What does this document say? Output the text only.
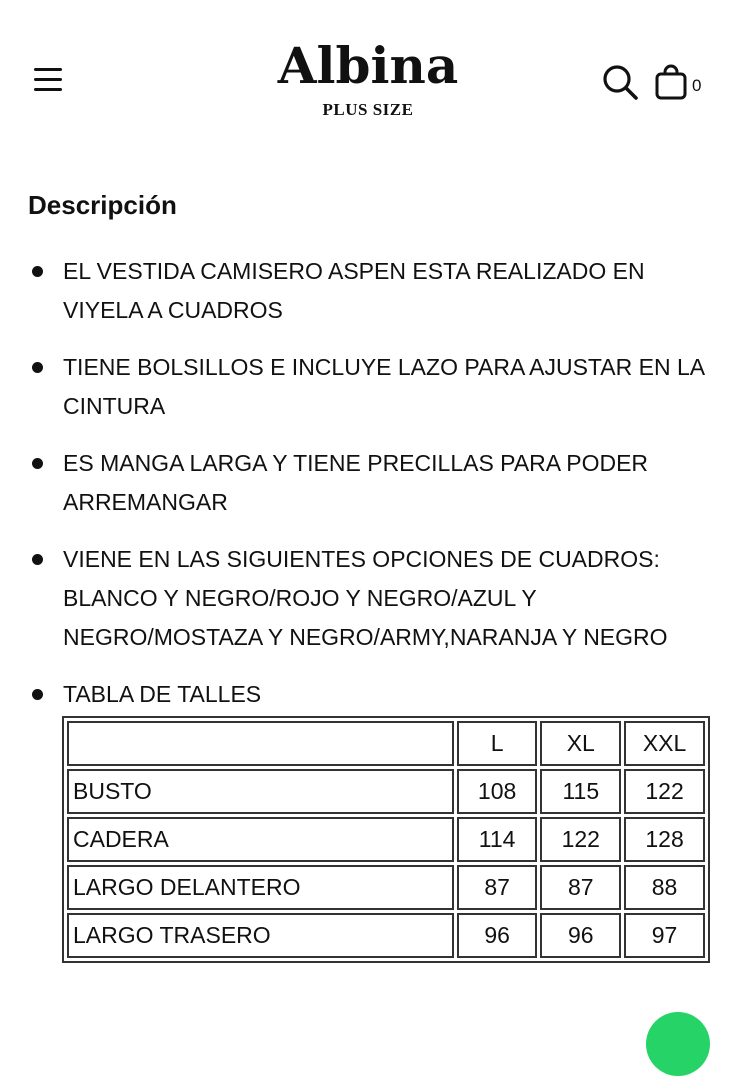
Albina
PLUS SIZE
0
Descripción
EL VESTIDA CAMISERO ASPEN ESTA REALIZADO EN VIYELA A CUADROS
TIENE BOLSILLOS E INCLUYE LAZO PARA AJUSTAR EN LA CINTURA
ES MANGA LARGA Y TIENE PRECILLAS PARA PODER ARREMANGAR
VIENE EN LAS SIGUIENTES OPCIONES DE CUADROS: BLANCO Y NEGRO/ROJO Y NEGRO/AZUL Y NEGRO/MOSTAZA Y NEGRO/ARMY,NARANJA Y NEGRO
TABLA DE TALLES
	L	XL	XXL
BUSTO	108	115	122
CADERA	114	122	128
LARGO DELANTERO	87	87	88
LARGO TRASERO	96	96	97
